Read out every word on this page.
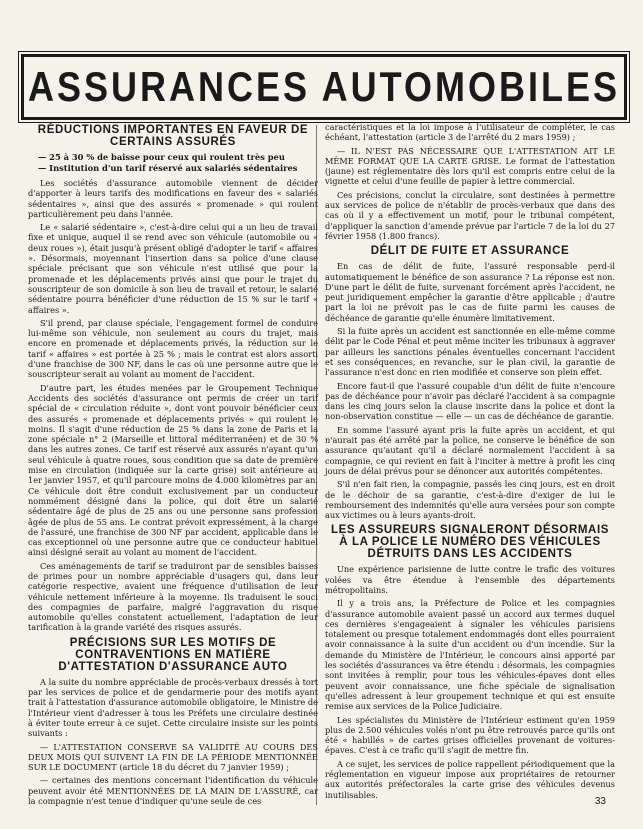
ASSURANCES AUTOMOBILES
RÉDUCTIONS IMPORTANTES EN FAVEUR DE CERTAINS ASSURÉS
— 25 à 30 % de baisse pour ceux qui roulent très peu
— Institution d'un tarif réservé aux salariés sédentaires

Les sociétés d'assurance automobile viennent de décider d'apporter à leurs tarifs des modifications en faveur des « salariés sédentaires », ainsi que des assurés « promenade » qui roulent particulièrement peu dans l'année.

Le « salarié sédentaire », c'est-à-dire celui qui a un lieu de travail fixe et unique, auquel il se rend avec son véhicule (automobile ou « deux roues »), était jusqu'à présent obligé d'adopter le tarif « affaires ». Désormais, moyennant l'insertion dans sa police d'une clause spéciale précisant que son véhicule n'est utilisé que pour la promenade et les déplacements privés ainsi que pour le trajet du souscripteur de son domicile à son lieu de travail et retour, le salarié sédentaire pourra bénéficier d'une réduction de 15 % sur le tarif « affaires ».

S'il prend, par clause spéciale, l'engagement formel de conduire lui-même son véhicule, non seulement au cours du trajet, mais encore en promenade et déplacements privés, la réduction sur le tarif « affaires » est portée à 25 % ; mais le contrat est alors assorti d'une franchise de 300 NF, dans le cas où une personne autre que le souscripteur serait au volant au moment de l'accident.

D'autre part, les études menées par le Groupement Technique Accidents des sociétés d'assurance ont permis de créer un tarif spécial de « circulation réduite », dont vont pouvoir bénéficier ceux des assurés « promenade et déplacements privés » qui roulent le moins. Il s'agit d'une réduction de 25 % dans la zone de Paris et la zone spéciale n° 2 (Marseille et littoral méditerranéen) et de 30 % dans les autres zones. Ce tarif est réservé aux assurés n'ayant qu'un seul véhicule à quatre roues, sous condition que sa date de première mise en circulation (indiquée sur la carte grise) soit antérieure au 1er janvier 1957, et qu'il parcoure moins de 4.000 kilomètres par an. Ce véhicule doit être conduit exclusivement par un conducteur nommément désigné dans la police, qui doit être un salarié sédentaire âgé de plus de 25 ans ou une personne sans profession âgée de plus de 55 ans. Le contrat prévoit expressément, à la charge de l'assuré, une franchise de 300 NF par accident, applicable dans le cas exceptionnel où une personne autre que ce conducteur habituel ainsi désigné serait au volant au moment de l'accident.

Ces aménagements de tarif se traduiront par de sensibles baisses de primes pour un nombre appréciable d'usagers qui, dans leur catégorie respective, avaient une fréquence d'utilisation de leur véhicule nettement inférieure à la moyenne. Ils traduisent le souci des compagnies de parfaire, malgré l'aggravation du risque automobile qu'elles constatent actuellement, l'adaptation de leur tarification à la grande variété des risques assurés.

PRÉCISIONS SUR LES MOTIFS DE CONTRAVENTIONS EN MATIÈRE D'ATTESTATION D'ASSURANCE AUTO

A la suite du nombre appréciable de procès-verbaux dressés à tort par les services de police et de gendarmerie pour des motifs ayant trait à l'attestation d'assurance automobile obligatoire, le Ministre de l'Intérieur vient d'adresser à tous les Préfets une circulaire destinée à éviter toute erreur à ce sujet. Cette circulaire insiste sur les points suivants :

— L'ATTESTATION CONSERVE SA VALIDITÉ AU COURS DES DEUX MOIS QUI SUIVENT LA FIN DE LA PÉRIODE MENTIONNÉE SUR LE DOCUMENT (article 18 du décret du 7 janvier 1959) ;

— certaines des mentions concernant l'identification du véhicule peuvent avoir été MENTIONNÉES DE LA MAIN DE L'ASSURÉ, car la compagnie n'est tenue d'indiquer qu'une seule de ces

caractéristiques et la loi impose à l'utilisateur de compléter, le cas échéant, l'attestation (article 3 de l'arrêté du 2 mars 1959) ;

— IL N'EST PAS NÉCESSAIRE QUE L'ATTESTATION AIT LE MÊME FORMAT QUE LA CARTE GRISE. Le format de l'attestation (jaune) est réglementaire dès lors qu'il est compris entre celui de la vignette et celui d'une feuille de papier à lettre commercial.

Ces précisions, conclut la circulaire, sont destinées à permettre aux services de police de n'établir de procès-verbaux que dans des cas où il y a effectivement un motif, pour le tribunal compétent, d'appliquer la sanction d'amende prévue par l'article 7 de la loi du 27 février 1958 (1.800 francs).

DÉLIT DE FUITE ET ASSURANCE

En cas de délit de fuite, l'assuré responsable perd-il automatiquement le bénéfice de son assurance ? La réponse est non. D'une part le délit de fuite, survenant forcément après l'accident, ne peut juridiquement empêcher la garantie d'être applicable ; d'autre part la loi ne prévoit pas le cas de fuite parmi les causes de déchéance de garantie qu'elle énumère limitativement.

Si la fuite après un accident est sanctionnée en elle-même comme délit par le Code Pénal et peut même inciter les tribunaux à aggraver par ailleurs les sanctions pénales éventuelles concernant l'accident et ses conséquences, en revanche, sur le plan civil, la garantie de l'assurance n'est donc en rien modifiée et conserve son plein effet.

Encore faut-il que l'assuré coupable d'un délit de fuite n'encoure pas de déchéance pour n'avoir pas déclaré l'accident à sa compagnie dans les cinq jours selon la clause inscrite dans la police et dont la non-observation constitue — elle — un cas de déchéance de garantie.

En somme l'assuré ayant pris la fuite après un accident, et qui n'aurait pas été arrêté par la police, ne conserve le bénéfice de son assurance qu'autant qu'il a déclaré normalement l'accident à sa compagnie, ce qui revient en fait à l'inciter à mettre à profit les cinq jours de délai prévus pour se dénoncer aux autorités compétentes.

S'il n'en fait rien, la compagnie, passés les cinq jours, est en droit de le déchoir de sa garantie, c'est-à-dire d'exiger de lui le remboursement des indemnités qu'elle aura versées pour son compte aux victimes ou à leurs ayants-droit.

LES ASSUREURS SIGNALERONT DÉSORMAIS À LA POLICE LE NUMÉRO DES VÉHICULES DÉTRUITS DANS LES ACCIDENTS

Une expérience parisienne de lutte contre le trafic des voitures volées va être étendue à l'ensemble des départements métropolitains.

Il y a trois ans, la Préfecture de Police et les compagnies d'assurance automobile avaient passé un accord aux termes duquel ces dernières s'engageaient à signaler les véhicules parisiens totalement ou presque totalement endommagés dont elles pourraient avoir connaissance à la suite d'un accident ou d'un incendie. Sur la demande du Ministère de l'Intérieur, le concours ainsi apporté par les sociétés d'assurances va être étendu : désormais, les compagnies sont invitées à remplir, pour tous les véhicules-épaves dont elles peuvent avoir connaissance, une fiche spéciale de signalisation qu'elles adressent à leur groupement technique et qui est ensuite remise aux services de la Police Judiciaire.

Les spécialistes du Ministère de l'Intérieur estiment qu'en 1959 plus de 2.500 véhicules volés n'ont pu être retrouvés parce qu'ils ont été « habillés » de cartes grises officielles provenant de voitures-épaves. C'est à ce trafic qu'il s'agit de mettre fin.

A ce sujet, les services de police rappellent périodiquement que la réglementation en vigueur impose aux propriétaires de retourner aux autorités préfectorales la carte grise des véhicules devenus inutilisables.

33
